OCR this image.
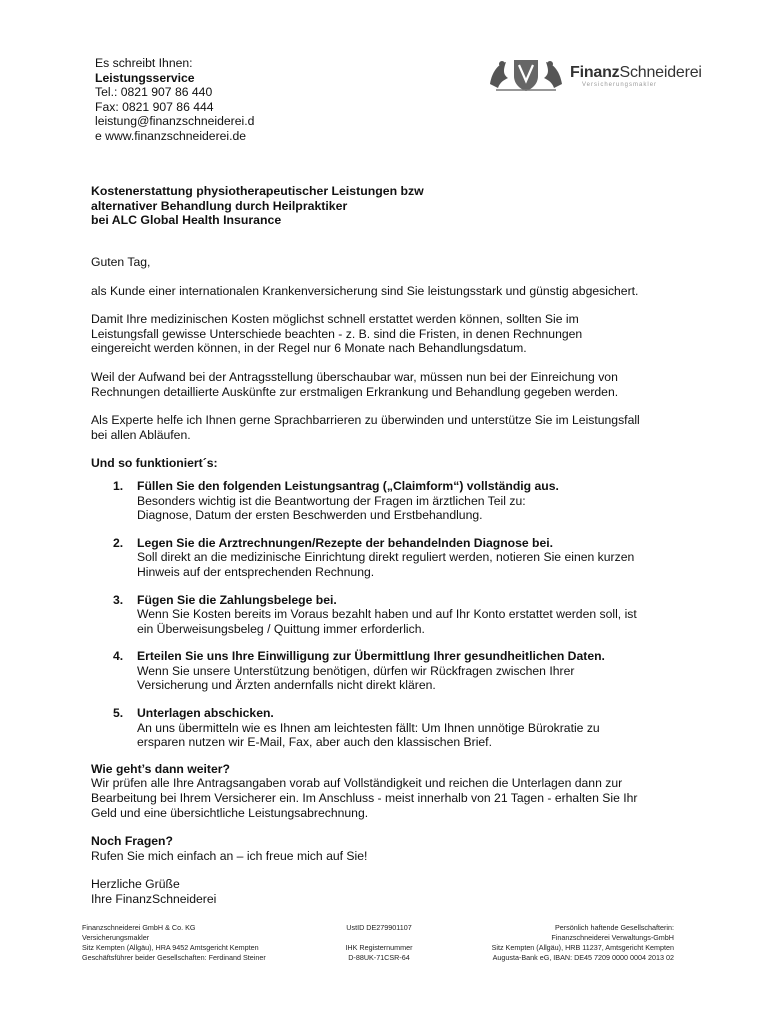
Es schreibt Ihnen:
Leistungsservice
Tel.: 0821 907 86 440
Fax: 0821 907 86 444
leistung@finanzschneiderei.d
e www.finanzschneiderei.de
FinanzSchneiderei
Versicherungsmakler
Kostenerstattung physiotherapeutischer Leistungen bzw
alternativer Behandlung durch Heilpraktiker
bei ALC Global Health Insurance

Guten Tag,

als Kunde einer internationalen Krankenversicherung sind Sie leistungsstark und günstig abgesichert.

Damit Ihre medizinischen Kosten möglichst schnell erstattet werden können, sollten Sie im
Leistungsfall gewisse Unterschiede beachten - z. B. sind die Fristen, in denen Rechnungen
eingereicht werden können, in der Regel nur 6 Monate nach Behandlungsdatum.

Weil der Aufwand bei der Antragsstellung überschaubar war, müssen nun bei der Einreichung von
Rechnungen detaillierte Auskünfte zur erstmaligen Erkrankung und Behandlung gegeben werden.

Als Experte helfe ich Ihnen gerne Sprachbarrieren zu überwinden und unterstütze Sie im Leistungsfall
bei allen Abläufen.

Und so funktioniert´s:

1. Füllen Sie den folgenden Leistungsantrag („Claimform“) vollständig aus.
Besonders wichtig ist die Beantwortung der Fragen im ärztlichen Teil zu:
Diagnose, Datum der ersten Beschwerden und Erstbehandlung.
2. Legen Sie die Arztrechnungen/Rezepte der behandelnden Diagnose bei.
Soll direkt an die medizinische Einrichtung direkt reguliert werden, notieren Sie einen kurzen
Hinweis auf der entsprechenden Rechnung.
3. Fügen Sie die Zahlungsbelege bei.
Wenn Sie Kosten bereits im Voraus bezahlt haben und auf Ihr Konto erstattet werden soll, ist
ein Überweisungsbeleg / Quittung immer erforderlich.
4. Erteilen Sie uns Ihre Einwilligung zur Übermittlung Ihrer gesundheitlichen Daten.
Wenn Sie unsere Unterstützung benötigen, dürfen wir Rückfragen zwischen Ihrer
Versicherung und Ärzten andernfalls nicht direkt klären.
5. Unterlagen abschicken.
An uns übermitteln wie es Ihnen am leichtesten fällt: Um Ihnen unnötige Bürokratie zu
ersparen nutzen wir E-Mail, Fax, aber auch den klassischen Brief.

Wie geht’s dann weiter?
Wir prüfen alle Ihre Antragsangaben vorab auf Vollständigkeit und reichen die Unterlagen dann zur
Bearbeitung bei Ihrem Versicherer ein. Im Anschluss - meist innerhalb von 21 Tagen - erhalten Sie Ihr
Geld und eine übersichtliche Leistungsabrechnung.

Noch Fragen?
Rufen Sie mich einfach an – ich freue mich auf Sie!

Herzliche Grüße
Ihre FinanzSchneiderei

Finanzschneiderei GmbH & Co. KG
Versicherungsmakler
Sitz Kempten (Allgäu), HRA 9452 Amtsgericht Kempten
Geschäftsführer beider Gesellschaften: Ferdinand Steiner
UstID DE279901107
IHK Registernummer
D-88UK-71CSR-64
Persönlich haftende Gesellschafterin:
Finanzschneiderei Verwaltungs-GmbH
Sitz Kempten (Allgäu), HRB 11237, Amtsgericht Kempten
Augusta-Bank eG, IBAN: DE45 7209 0000 0004 2013 02
